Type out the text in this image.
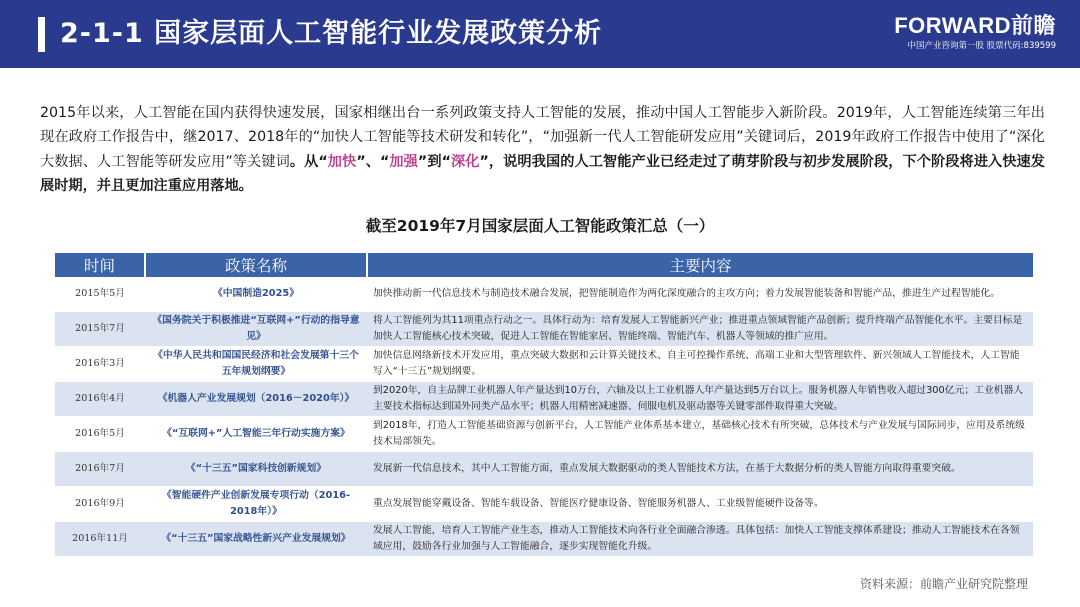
2-1-1 国家层面人工智能行业发展政策分析	FORWARD前瞻
中国产业咨询第一股 股票代码:839599
2015年以来，人工智能在国内获得快速发展，国家相继出台一系列政策支持人工智能的发展，推动中国人工智能步入新阶段。2019年，人工智能连续第三年出现在政府工作报告中，继2017、2018年的“加快人工智能等技术研发和转化”，“加强新一代人工智能研发应用”关键词后，2019年政府工作报告中使用了“深化大数据、人工智能等研发应用”等关键词。从“加快”、“加强”到“深化”，说明我国的人工智能产业已经走过了萌芽阶段与初步发展阶段，下个阶段将进入快速发展时期，并且更加注重应用落地。
截至2019年7月国家层面人工智能政策汇总（一）
时间	政策名称	主要内容
2015年5月	《中国制造2025》	加快推动新一代信息技术与制造技术融合发展，把智能制造作为两化深度融合的主攻方向；着力发展智能装备和智能产品，推进生产过程智能化。
2015年7月	《国务院关于积极推进“互联网+”行动的指导意见》	将人工智能列为其11项重点行动之一。具体行动为：培育发展人工智能新兴产业；推进重点领域智能产品创新；提升终端产品智能化水平。主要目标是加快人工智能核心技术突破，促进人工智能在智能家居、智能终端、智能汽车、机器人等领域的推广应用。
2016年3月	《中华人民共和国国民经济和社会发展第十三个五年规划纲要》	加快信息网络新技术开发应用，重点突破大数据和云计算关键技术、自主可控操作系统、高端工业和大型管理软件、新兴领域人工智能技术，人工智能写入“十三五”规划纲要。
2016年4月	《机器人产业发展规划（2016－2020年）》	到2020年，自主品牌工业机器人年产量达到10万台，六轴及以上工业机器人年产量达到5万台以上。服务机器人年销售收入超过300亿元；工业机器人主要技术指标达到国外同类产品水平；机器人用精密减速器、伺服电机及驱动器等关键零部件取得重大突破。
2016年5月	《“互联网+”人工智能三年行动实施方案》	到2018年，打造人工智能基础资源与创新平台，人工智能产业体系基本建立，基础核心技术有所突破，总体技术与产业发展与国际同步，应用及系统级技术局部领先。
2016年7月	《“十三五”国家科技创新规划》	发展新一代信息技术，其中人工智能方面，重点发展大数据驱动的类人智能技术方法，在基于大数据分析的类人智能方向取得重要突破。
2016年9月	《智能硬件产业创新发展专项行动（2016-2018年）》	重点发展智能穿戴设备、智能车载设备、智能医疗健康设备、智能服务机器人、工业级智能硬件设备等。
2016年11月	《“十三五”国家战略性新兴产业发展规划》	发展人工智能，培育人工智能产业生态，推动人工智能技术向各行业全面融合渗透。具体包括：加快人工智能支撑体系建设；推动人工智能技术在各领域应用，鼓励各行业加强与人工智能融合，逐步实现智能化升级。
资料来源：前瞻产业研究院整理
